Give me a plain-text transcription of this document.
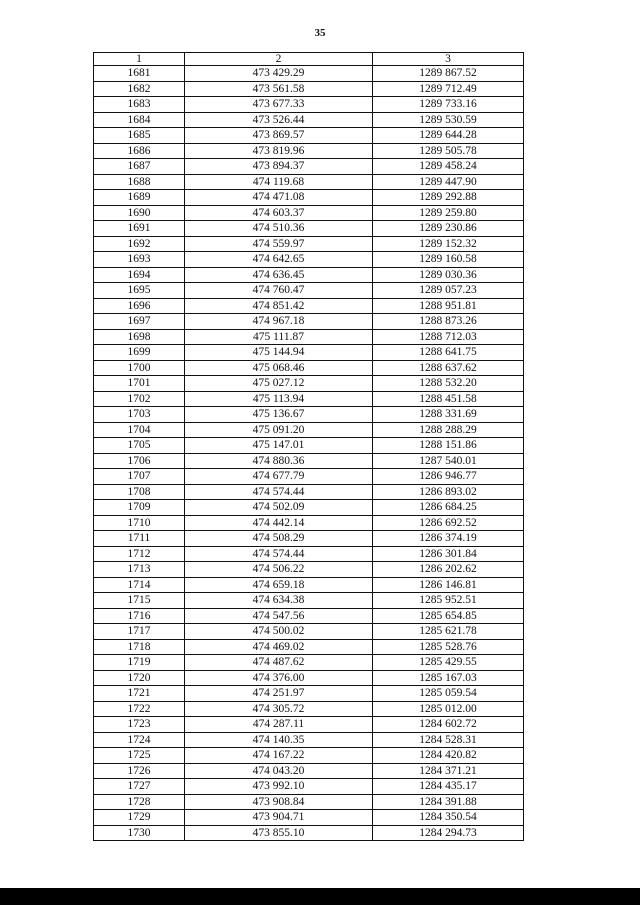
35
1	2	3
1681	473 429.29	1289 867.52
1682	473 561.58	1289 712.49
1683	473 677.33	1289 733.16
1684	473 526.44	1289 530.59
1685	473 869.57	1289 644.28
1686	473 819.96	1289 505.78
1687	473 894.37	1289 458.24
1688	474 119.68	1289 447.90
1689	474 471.08	1289 292.88
1690	474 603.37	1289 259.80
1691	474 510.36	1289 230.86
1692	474 559.97	1289 152.32
1693	474 642.65	1289 160.58
1694	474 636.45	1289 030.36
1695	474 760.47	1289 057.23
1696	474 851.42	1288 951.81
1697	474 967.18	1288 873.26
1698	475 111.87	1288 712.03
1699	475 144.94	1288 641.75
1700	475 068.46	1288 637.62
1701	475 027.12	1288 532.20
1702	475 113.94	1288 451.58
1703	475 136.67	1288 331.69
1704	475 091.20	1288 288.29
1705	475 147.01	1288 151.86
1706	474 880.36	1287 540.01
1707	474 677.79	1286 946.77
1708	474 574.44	1286 893.02
1709	474 502.09	1286 684.25
1710	474 442.14	1286 692.52
1711	474 508.29	1286 374.19
1712	474 574.44	1286 301.84
1713	474 506.22	1286 202.62
1714	474 659.18	1286 146.81
1715	474 634.38	1285 952.51
1716	474 547.56	1285 654.85
1717	474 500.02	1285 621.78
1718	474 469.02	1285 528.76
1719	474 487.62	1285 429.55
1720	474 376.00	1285 167.03
1721	474 251.97	1285 059.54
1722	474 305.72	1285 012.00
1723	474 287.11	1284 602.72
1724	474 140.35	1284 528.31
1725	474 167.22	1284 420.82
1726	474 043.20	1284 371.21
1727	473 992.10	1284 435.17
1728	473 908.84	1284 391.88
1729	473 904.71	1284 350.54
1730	473 855.10	1284 294.73
